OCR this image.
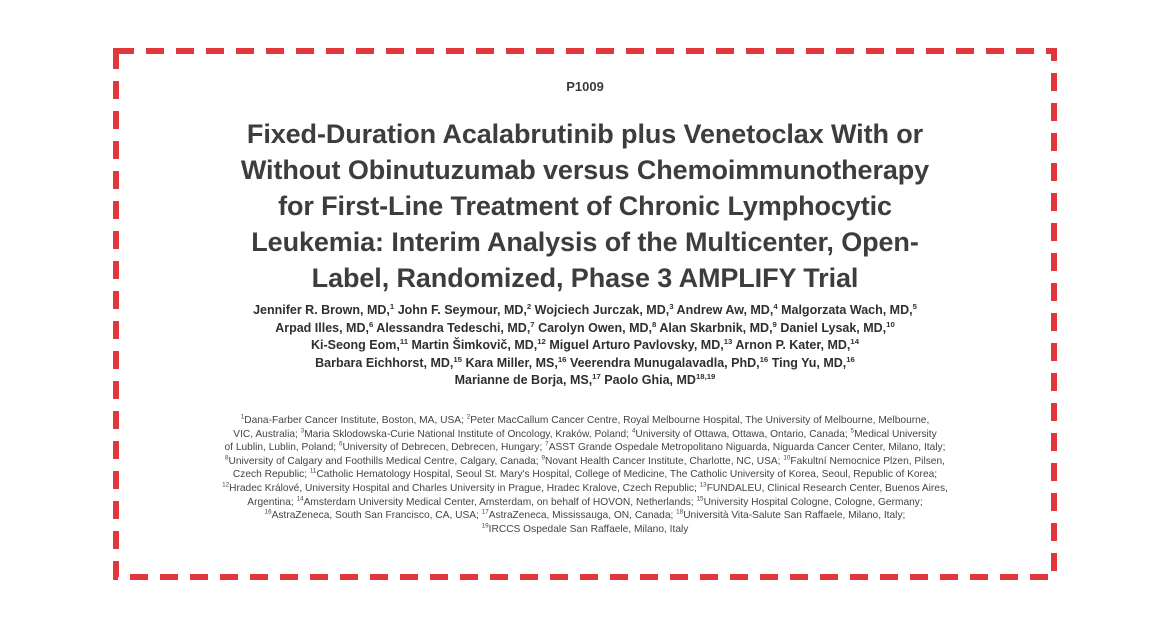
P1009
Fixed-Duration Acalabrutinib plus Venetoclax With or
Without Obinutuzumab versus Chemoimmunotherapy
for First-Line Treatment of Chronic Lymphocytic
Leukemia: Interim Analysis of the Multicenter, Open-
Label, Randomized, Phase 3 AMPLIFY Trial
Jennifer R. Brown, MD,$^1$ John F. Seymour, MD,$^2$ Wojciech Jurczak, MD,$^3$ Andrew Aw, MD,$^4$ Malgorzata Wach, MD,$^5$
Arpad Illes, MD,$^6$ Alessandra Tedeschi, MD,$^7$ Carolyn Owen, MD,$^8$ Alan Skarbnik, MD,$^9$ Daniel Lysak, MD,$^{10}$
Ki-Seong Eom,$^{11}$ Martin Šimkovič, MD,$^{12}$ Miguel Arturo Pavlovsky, MD,$^{13}$ Arnon P. Kater, MD,$^{14}$
Barbara Eichhorst, MD,$^{15}$ Kara Miller, MS,$^{16}$ Veerendra Munugalavadla, PhD,$^{16}$ Ting Yu, MD,$^{16}$
Marianne de Borja, MS,$^{17}$ Paolo Ghia, MD$^{18,19}$
$^1$Dana-Farber Cancer Institute, Boston, MA, USA; $^2$Peter MacCallum Cancer Centre, Royal Melbourne Hospital, The University of Melbourne, Melbourne,
VIC, Australia; $^3$Maria Sklodowska-Curie National Institute of Oncology, Kraków, Poland; $^4$University of Ottawa, Ottawa, Ontario, Canada; $^5$Medical University
of Lublin, Lublin, Poland; $^6$University of Debrecen, Debrecen, Hungary; $^7$ASST Grande Ospedale Metropolitano Niguarda, Niguarda Cancer Center, Milano, Italy;
$^8$University of Calgary and Foothills Medical Centre, Calgary, Canada; $^9$Novant Health Cancer Institute, Charlotte, NC, USA; $^{10}$Fakultní Nemocnice Plzen, Pilsen,
Czech Republic; $^{11}$Catholic Hematology Hospital, Seoul St. Mary's Hospital, College of Medicine, The Catholic University of Korea, Seoul, Republic of Korea;
$^{12}$Hradec Králové, University Hospital and Charles University in Prague, Hradec Kralove, Czech Republic; $^{13}$FUNDALEU, Clinical Research Center, Buenos Aires,
Argentina; $^{14}$Amsterdam University Medical Center, Amsterdam, on behalf of HOVON, Netherlands; $^{15}$University Hospital Cologne, Cologne, Germany;
$^{16}$AstraZeneca, South San Francisco, CA, USA; $^{17}$AstraZeneca, Mississauga, ON, Canada; $^{18}$Università Vita-Salute San Raffaele, Milano, Italy;
$^{19}$IRCCS Ospedale San Raffaele, Milano, Italy
